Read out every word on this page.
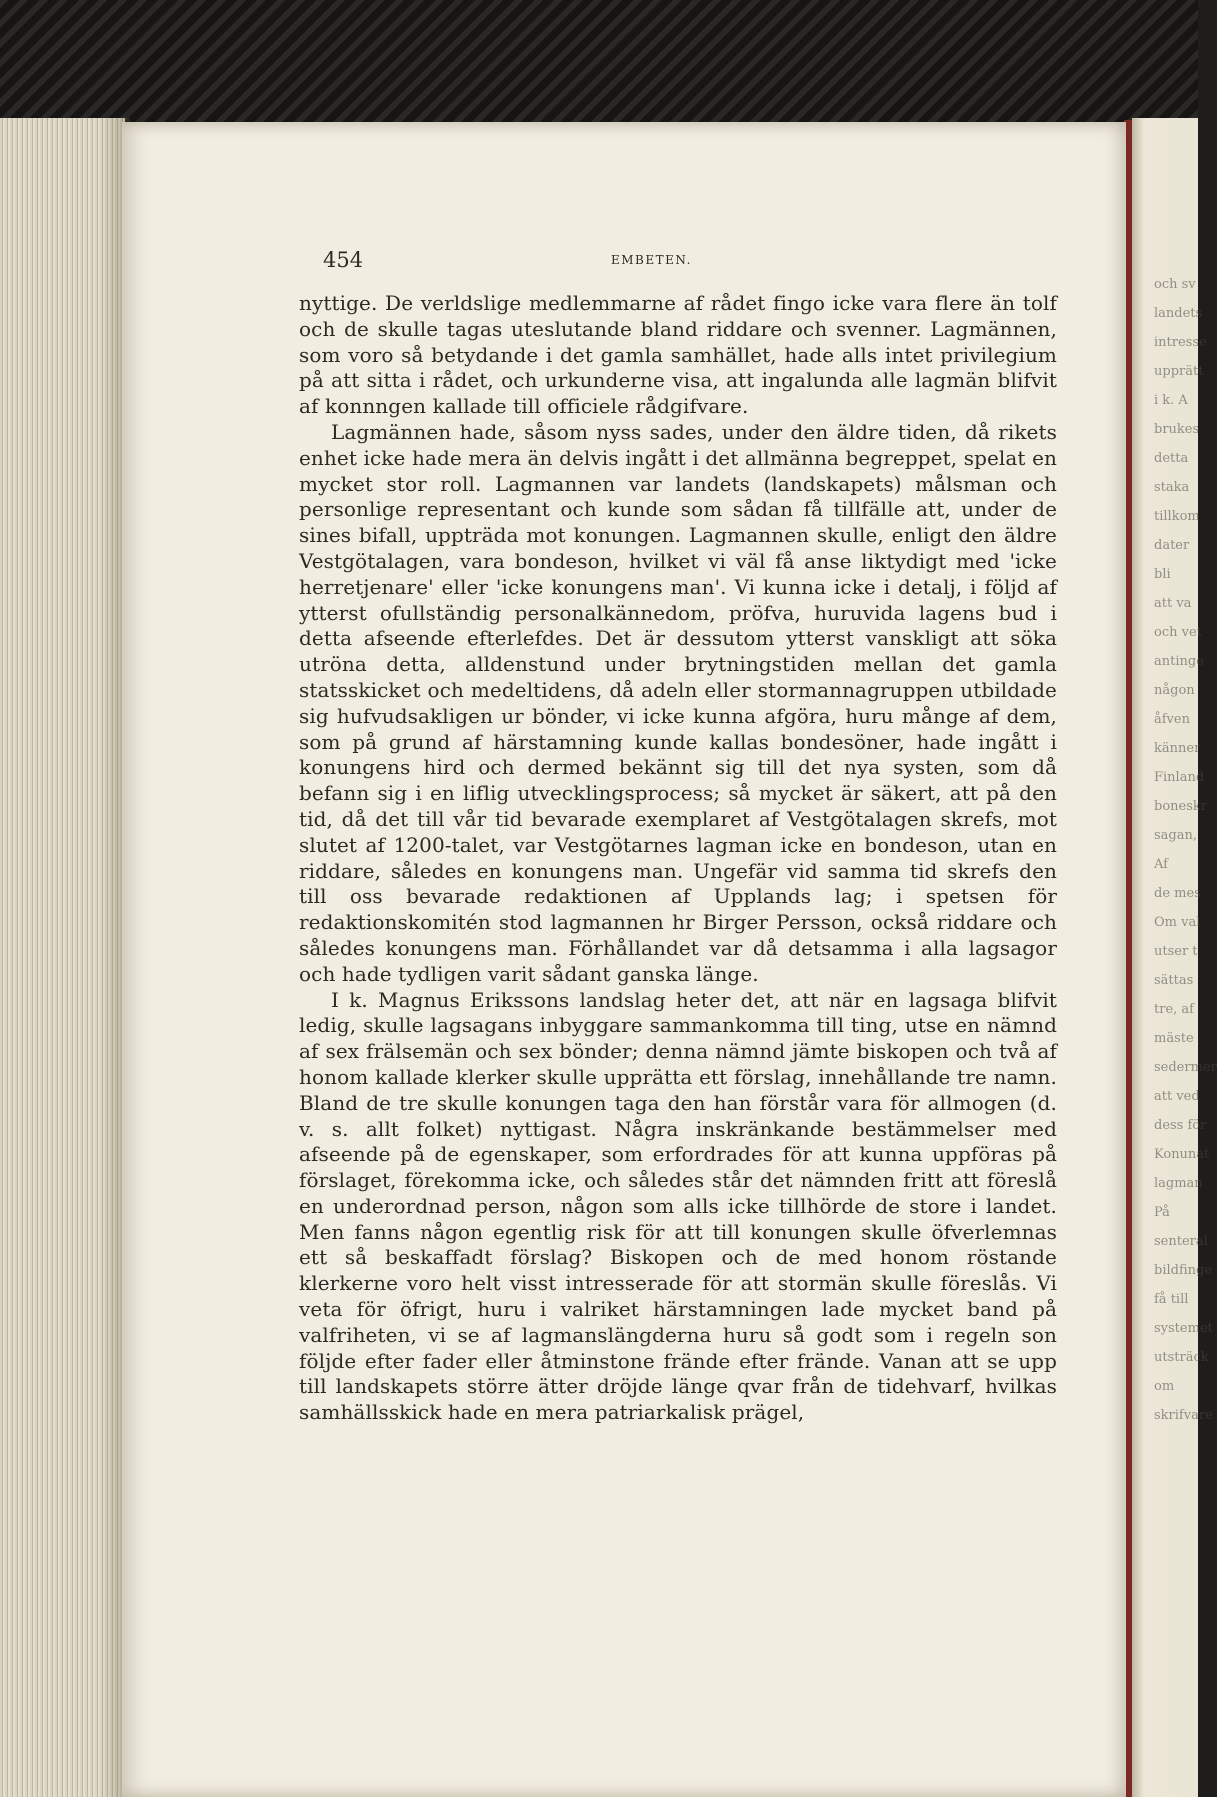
och sv
landets
intresse
upprätt
i k. A
brukes
detta
staka
tillkom
dater
bli
att va
och vet
antinge
någon
åfven
känner
Finland
boneskr
sagan,
Af
de mes
Om val
utser t
sättas
tre, af
mäste
sedermer
att ved
dess för
Konunat
lagman
På
senteral
bildfinge
få till
systemet
utsträck
om
skrifvare
454	EMBETEN.

nyttige. De verldslige medlemmarne af rådet fingo icke vara flere än tolf och de skulle tagas uteslutande bland riddare och svenner. Lagmännen, som voro så betydande i det gamla samhället, hade alls intet privilegium på att sitta i rådet, och urkunderne visa, att ingalunda alle lagmän blifvit af konnngen kallade till officiele rådgifvare.

Lagmännen hade, såsom nyss sades, under den äldre tiden, då rikets enhet icke hade mera än delvis ingått i det allmänna begreppet, spelat en mycket stor roll. Lagmannen var landets (landskapets) målsman och personlige representant och kunde som sådan få tillfälle att, under de sines bifall, uppträda mot konungen. Lagmannen skulle, enligt den äldre Vestgötalagen, vara bondeson, hvilket vi väl få anse liktydigt med 'icke herretjenare' eller 'icke konungens man'. Vi kunna icke i detalj, i följd af ytterst ofullständig personalkännedom, pröfva, huruvida lagens bud i detta afseende efterlefdes. Det är dessutom ytterst vanskligt att söka utröna detta, alldenstund under brytningstiden mellan det gamla statsskicket och medeltidens, då adeln eller stormannagruppen utbildade sig hufvudsakligen ur bönder, vi icke kunna afgöra, huru månge af dem, som på grund af härstamning kunde kallas bondesöner, hade ingått i konungens hird och dermed bekännt sig till det nya systen, som då befann sig i en liflig utvecklingsprocess; så mycket är säkert, att på den tid, då det till vår tid bevarade exemplaret af Vestgötalagen skrefs, mot slutet af 1200-talet, var Vestgötarnes lagman icke en bondeson, utan en riddare, således en konungens man. Ungefär vid samma tid skrefs den till oss bevarade redaktionen af Upplands lag; i spetsen för redaktionskomitén stod lagmannen hr Birger Persson, också riddare och således konungens man. Förhållandet var då detsamma i alla lagsagor och hade tydligen varit sådant ganska länge.

I k. Magnus Erikssons landslag heter det, att när en lagsaga blifvit ledig, skulle lagsagans inbyggare sammankomma till ting, utse en nämnd af sex frälsemän och sex bönder; denna nämnd jämte biskopen och två af honom kallade klerker skulle upprätta ett förslag, innehållande tre namn. Bland de tre skulle konungen taga den han förstår vara för allmogen (d. v. s. allt folket) nyttigast. Några inskränkande bestämmelser med afseende på de egenskaper, som erfordrades för att kunna uppföras på förslaget, förekomma icke, och således står det nämnden fritt att föreslå en underordnad person, någon som alls icke tillhörde de store i landet. Men fanns någon egentlig risk för att till konungen skulle öfverlemnas ett så beskaffadt förslag? Biskopen och de med honom röstande klerkerne voro helt visst intresserade för att stormän skulle föreslås. Vi veta för öfrigt, huru i valriket härstamningen lade mycket band på valfriheten, vi se af lagmanslängderna huru så godt som i regeln son följde efter fader eller åtminstone frände efter frände. Vanan att se upp till landskapets större ätter dröjde länge qvar från de tidehvarf, hvilkas samhällsskick hade en mera patriarkalisk prägel,
